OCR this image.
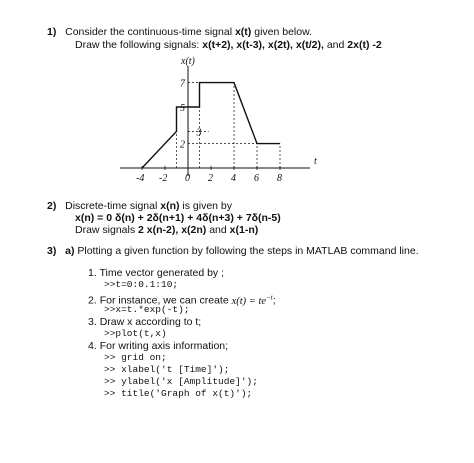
1) Consider the continuous-time signal x(t) given below.
Draw the following signals: x(t+2), x(t-3), x(2t), x(t/2), and 2x(t) -2
x(t)
t
-4 -2 0 2 4 6 8
2
3
5
7
2) Discrete-time signal x(n) is given by
x(n) = 0 δ(n) + 2δ(n+1) + 4δ(n+3) + 7δ(n-5)
Draw signals 2 x(n-2), x(2n) and x(1-n)
3) a) Plotting a given function by following the steps in MATLAB command line.
1. Time vector generated by ;
>>t=0:0.1:10;
2. For instance, we can create $x(t) = te^{-t}$;
>>x=t.*exp(-t);
3. Draw x according to t;
>>plot(t,x)
4. For writing axis information;
>> grid on;
>> xlabel('t [Time]');
>> ylabel('x [Amplitude]');
>> title('Graph of x(t)');
